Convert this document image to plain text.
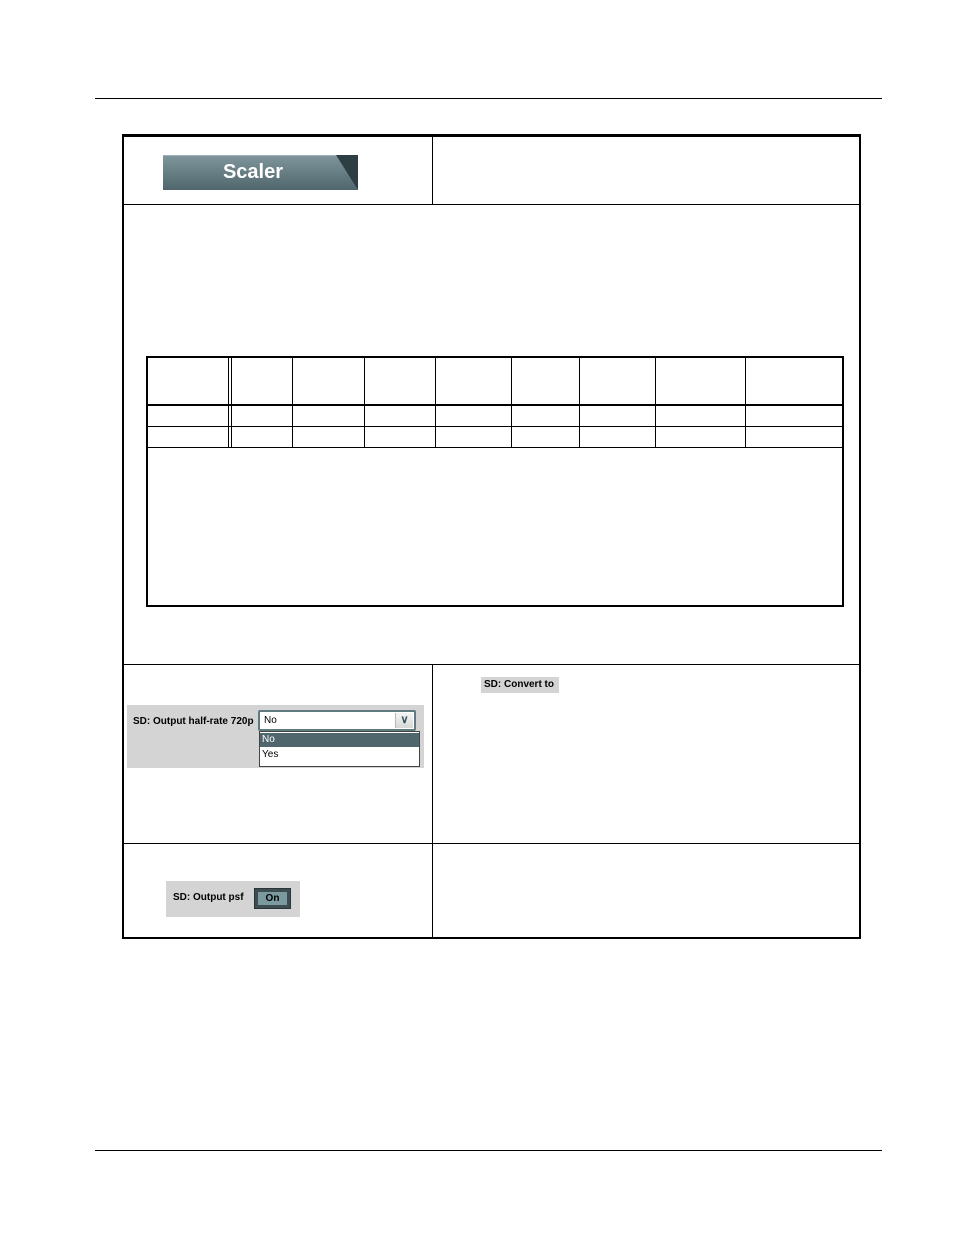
Scaler
SD: Output half-rate 720p No	∨
No
Yes
SD: Convert to
SD: Output psf	On
